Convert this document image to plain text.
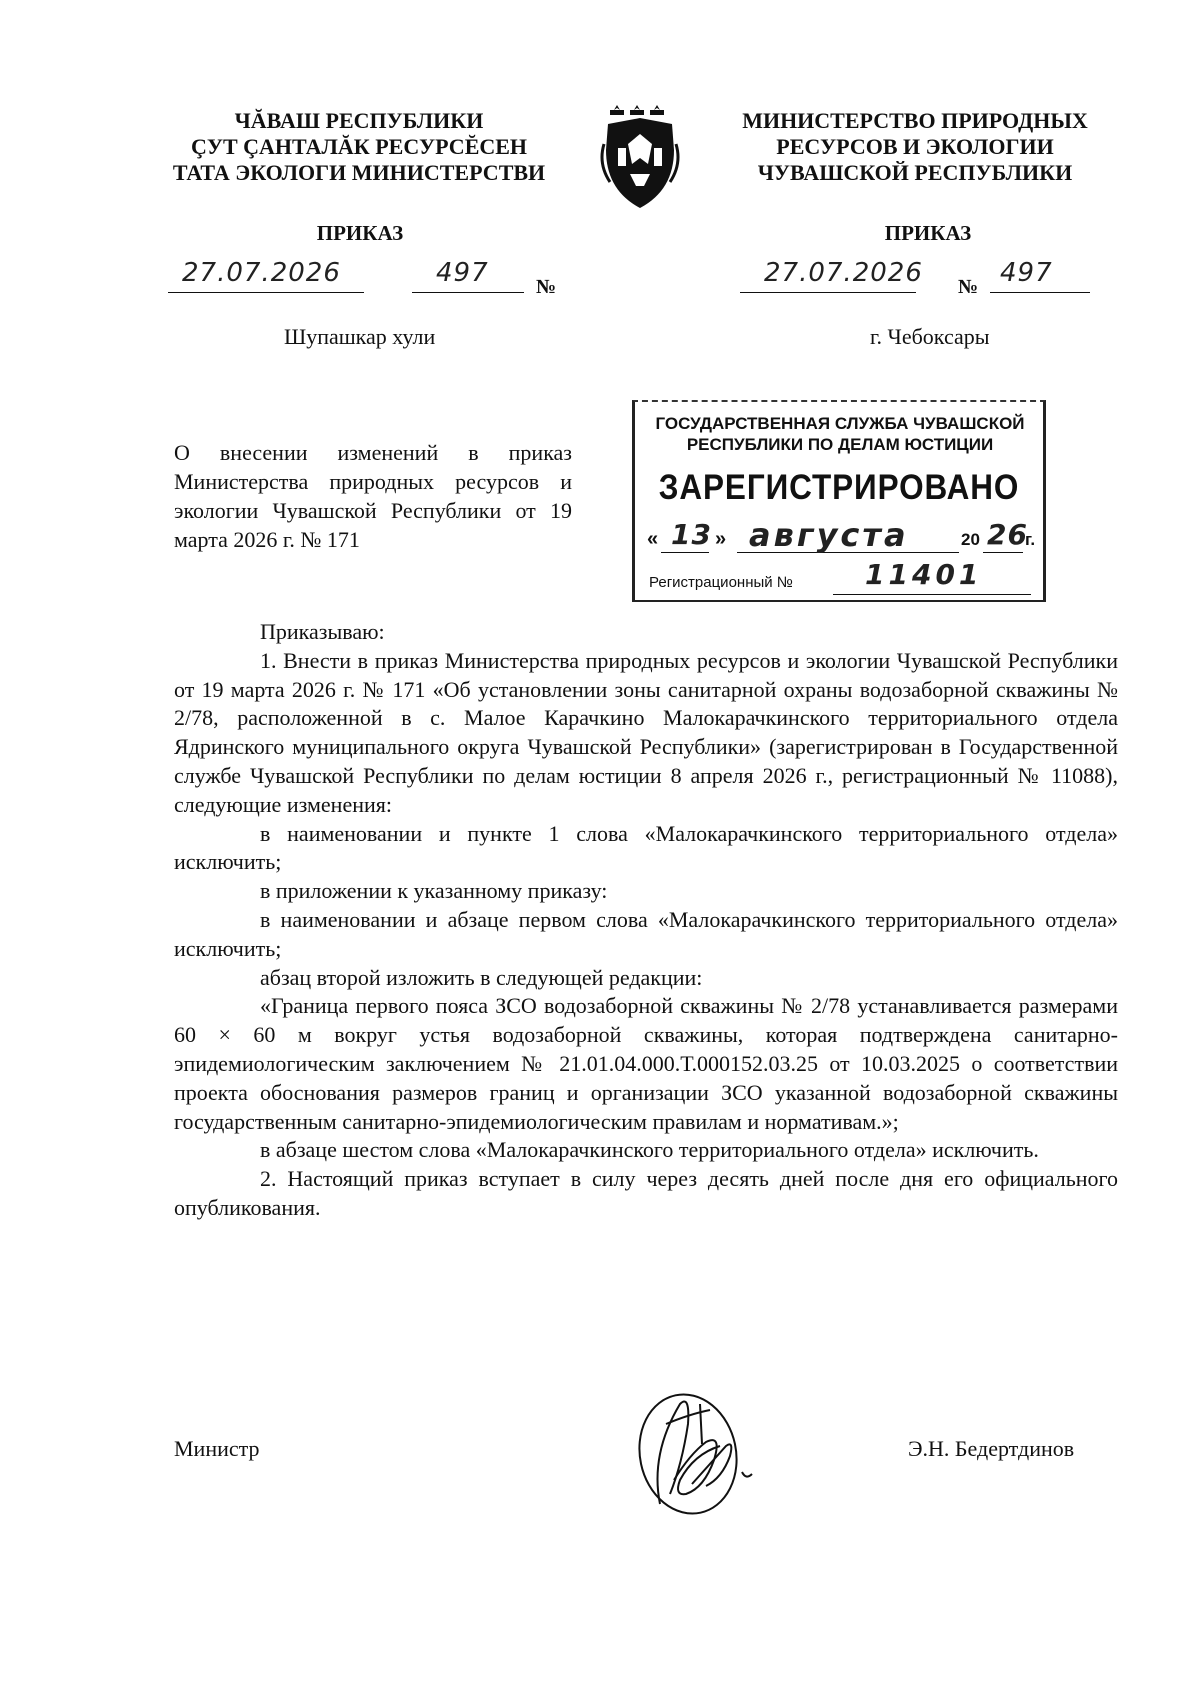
ЧĂВАШ РЕСПУБЛИКИ
ÇУТ ÇАНТАЛĂК РЕСУРСĔСЕН
ТАТА ЭКОЛОГИ МИНИСТЕРСТВИ
МИНИСТЕРСТВО ПРИРОДНЫХ
РЕСУРСОВ И ЭКОЛОГИИ
ЧУВАШСКОЙ РЕСПУБЛИКИ
ПРИКАЗ	ПРИКАЗ
27.07.2026	497 №	27.07.2026 № 497
Шупашкар хули	г. Чебоксары
О внесении изменений в приказ Министерства природных ресурсов и экологии Чувашской Республики от 19 марта 2026 г. № 171
ГОСУДАРСТВЕННАЯ СЛУЖБА ЧУВАШСКОЙ
РЕСПУБЛИКИ ПО ДЕЛАМ ЮСТИЦИИ
ЗАРЕГИСТРИРОВАНО
« 13 » августа	20 26
г.
Регистрационный №	11401

Приказываю:

1. Внести в приказ Министерства природных ресурсов и экологии Чувашской Республики от 19 марта 2026 г. № 171 «Об установлении зоны санитарной охраны водозаборной скважины № 2/78, расположенной в с. Малое Карачкино Малокарачкинского территориального отдела Ядринского муниципального округа Чувашской Республики» (зарегистрирован в Государственной службе Чувашской Республики по делам юстиции 8 апреля 2026 г., регистрационный № 11088), следующие изменения:

в наименовании и пункте 1 слова «Малокарачкинского территориального отдела» исключить;

в приложении к указанному приказу:

в наименовании и абзаце первом слова «Малокарачкинского территориального отдела» исключить;

абзац второй изложить в следующей редакции:

«Граница первого пояса ЗСО водозаборной скважины № 2/78 устанавливается размерами 60 × 60 м вокруг устья водозаборной скважины, которая подтверждена санитарно-эпидемиологическим заключением № 21.01.04.000.Т.000152.03.25 от 10.03.2025 о соответствии проекта обоснования размеров границ и организации ЗСО указанной водозаборной скважины государственным санитарно-эпидемиологическим правилам и нормативам.»;

в абзаце шестом слова «Малокарачкинского территориального отдела» исключить.

2. Настоящий приказ вступает в силу через десять дней после дня его официального опубликования.

Министр	Э.Н. Бедертдинов
